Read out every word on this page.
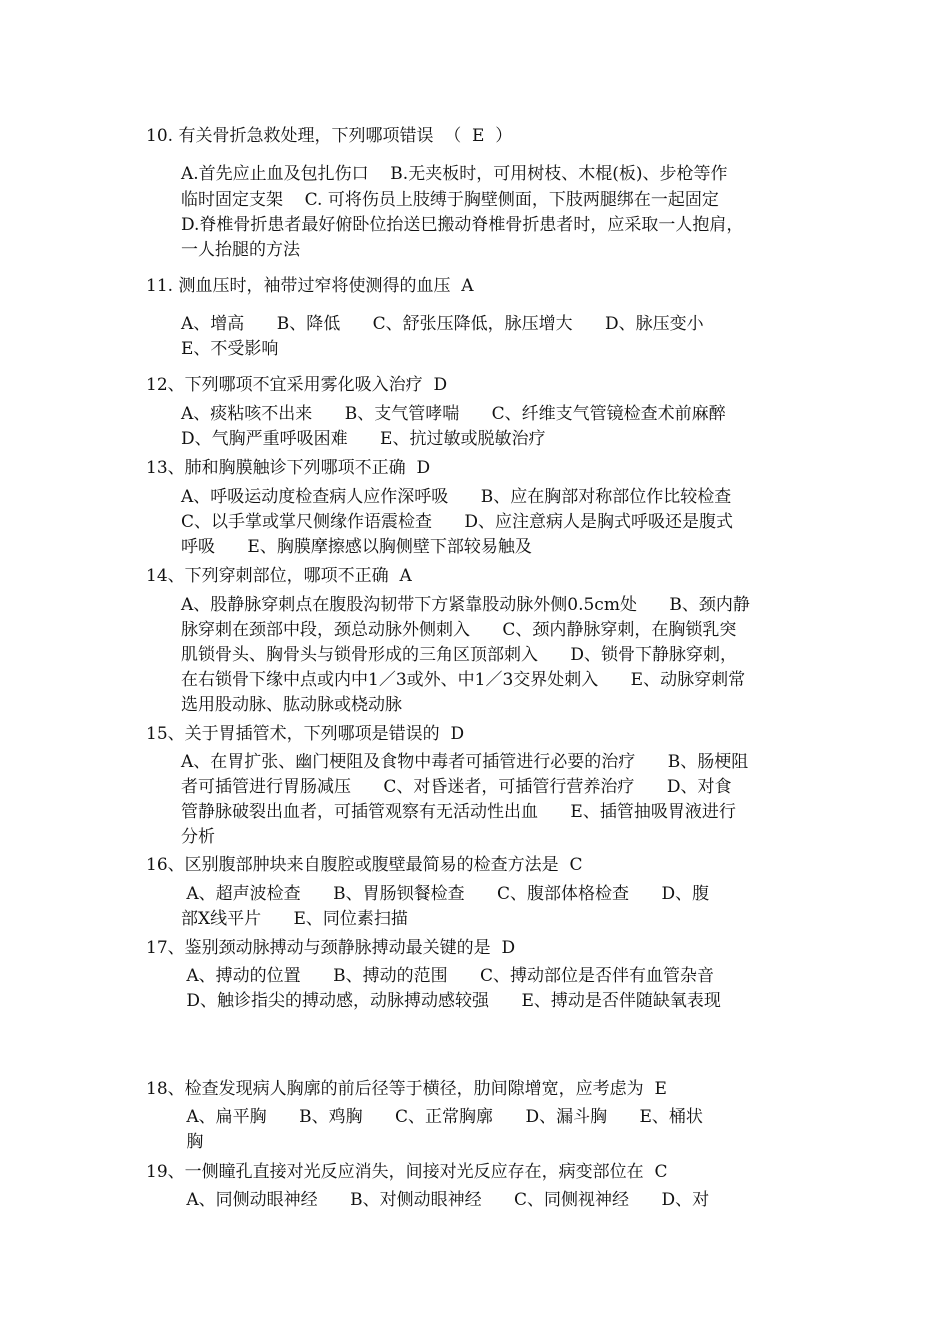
10. 有关骨折急救处理，下列哪项错误  （  E  ）
A.首先应止血及包扎伤口    B.无夹板时，可用树枝、木棍(板)、步枪等作
临时固定支架    C. 可将伤员上肢缚于胸壁侧面，下肢两腿绑在一起固定
D.脊椎骨折患者最好俯卧位抬送巳搬动脊椎骨折患者时，应采取一人抱肩，
一人抬腿的方法
11. 测血压时，袖带过窄将使测得的血压  A
A、增高      B、降低      C、舒张压降低，脉压增大      D、脉压变小
E、不受影响
12、下列哪项不宜采用雾化吸入治疗  D
A、痰粘咳不出来      B、支气管哮喘      C、纤维支气管镜检查术前麻醉
D、气胸严重呼吸困难      E、抗过敏或脱敏治疗
13、肺和胸膜触诊下列哪项不正确  D
A、呼吸运动度检查病人应作深呼吸      B、应在胸部对称部位作比较检查
C、以手掌或掌尺侧缘作语震检查      D、应注意病人是胸式呼吸还是腹式
呼吸      E、胸膜摩擦感以胸侧壁下部较易触及
14、下列穿刺部位，哪项不正确  A
A、股静脉穿刺点在腹股沟韧带下方紧靠股动脉外侧0.5cm处      B、颈内静
脉穿刺在颈部中段，颈总动脉外侧刺入      C、颈内静脉穿刺，在胸锁乳突
肌锁骨头、胸骨头与锁骨形成的三角区顶部刺入      D、锁骨下静脉穿刺，
在右锁骨下缘中点或内中1／3或外、中1／3交界处刺入      E、动脉穿刺常
选用股动脉、肱动脉或桡动脉
15、关于胃插管术，下列哪项是错误的  D
A、在胃扩张、幽门梗阻及食物中毒者可插管进行必要的治疗      B、肠梗阻
者可插管进行胃肠减压      C、对昏迷者，可插管行营养治疗      D、对食
管静脉破裂出血者，可插管观察有无活动性出血      E、插管抽吸胃液进行
分析
16、区别腹部肿块来自腹腔或腹壁最简易的检查方法是  C
A、超声波检查      B、胃肠钡餐检查      C、腹部体格检查      D、腹
部X线平片      E、同位素扫描
17、鉴别颈动脉搏动与颈静脉搏动最关键的是  D
A、搏动的位置      B、搏动的范围      C、搏动部位是否伴有血管杂音
D、触诊指尖的搏动感，动脉搏动感较强      E、搏动是否伴随缺氧表现
18、检查发现病人胸廓的前后径等于横径，肋间隙增宽，应考虑为  E
A、扁平胸      B、鸡胸      C、正常胸廓      D、漏斗胸      E、桶状
胸
19、一侧瞳孔直接对光反应消失，间接对光反应存在，病变部位在  C
A、同侧动眼神经      B、对侧动眼神经      C、同侧视神经      D、对
